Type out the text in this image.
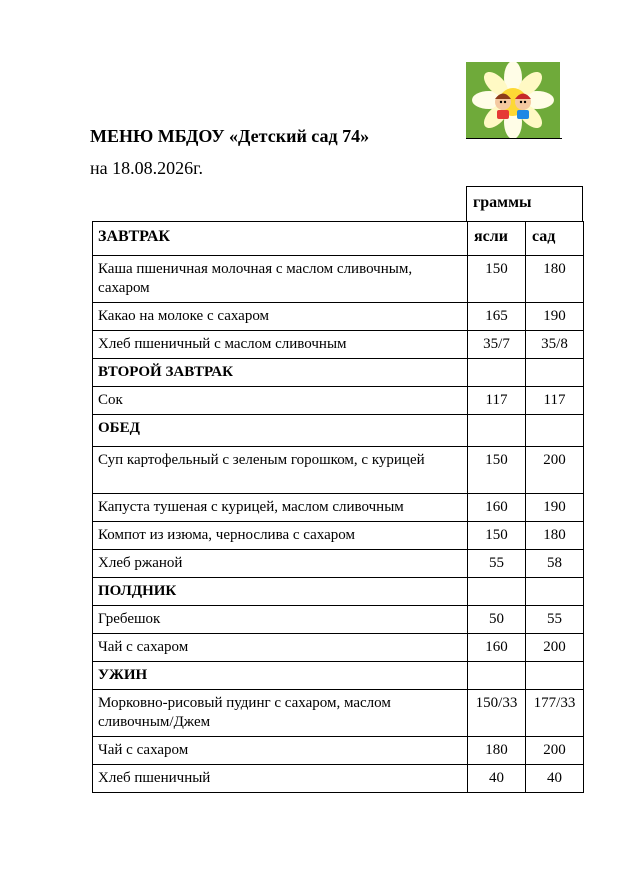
МЕНЮ МБДОУ «Детский сад 74»
на 18.08.2026г.
граммы
ЗАВТРАК	ясли	сад
Каша пшеничная молочная с маслом сливочным, сахаром	150	180
Какао на молоке с сахаром	165	190
Хлеб пшеничный с маслом сливочным	35/7	35/8
ВТОРОЙ ЗАВТРАК		
Сок	117	117
ОБЕД		
Суп картофельный с зеленым горошком, с курицей	150	200
Капуста тушеная с курицей, маслом сливочным	160	190
Компот из изюма, чернослива с сахаром	150	180
Хлеб ржаной	55	58
ПОЛДНИК		
Гребешок	50	55
Чай с сахаром	160	200
УЖИН		
Морковно-рисовый пудинг с сахаром, маслом сливочным/Джем	150/33	177/33
Чай с сахаром	180	200
Хлеб пшеничный	40	40
